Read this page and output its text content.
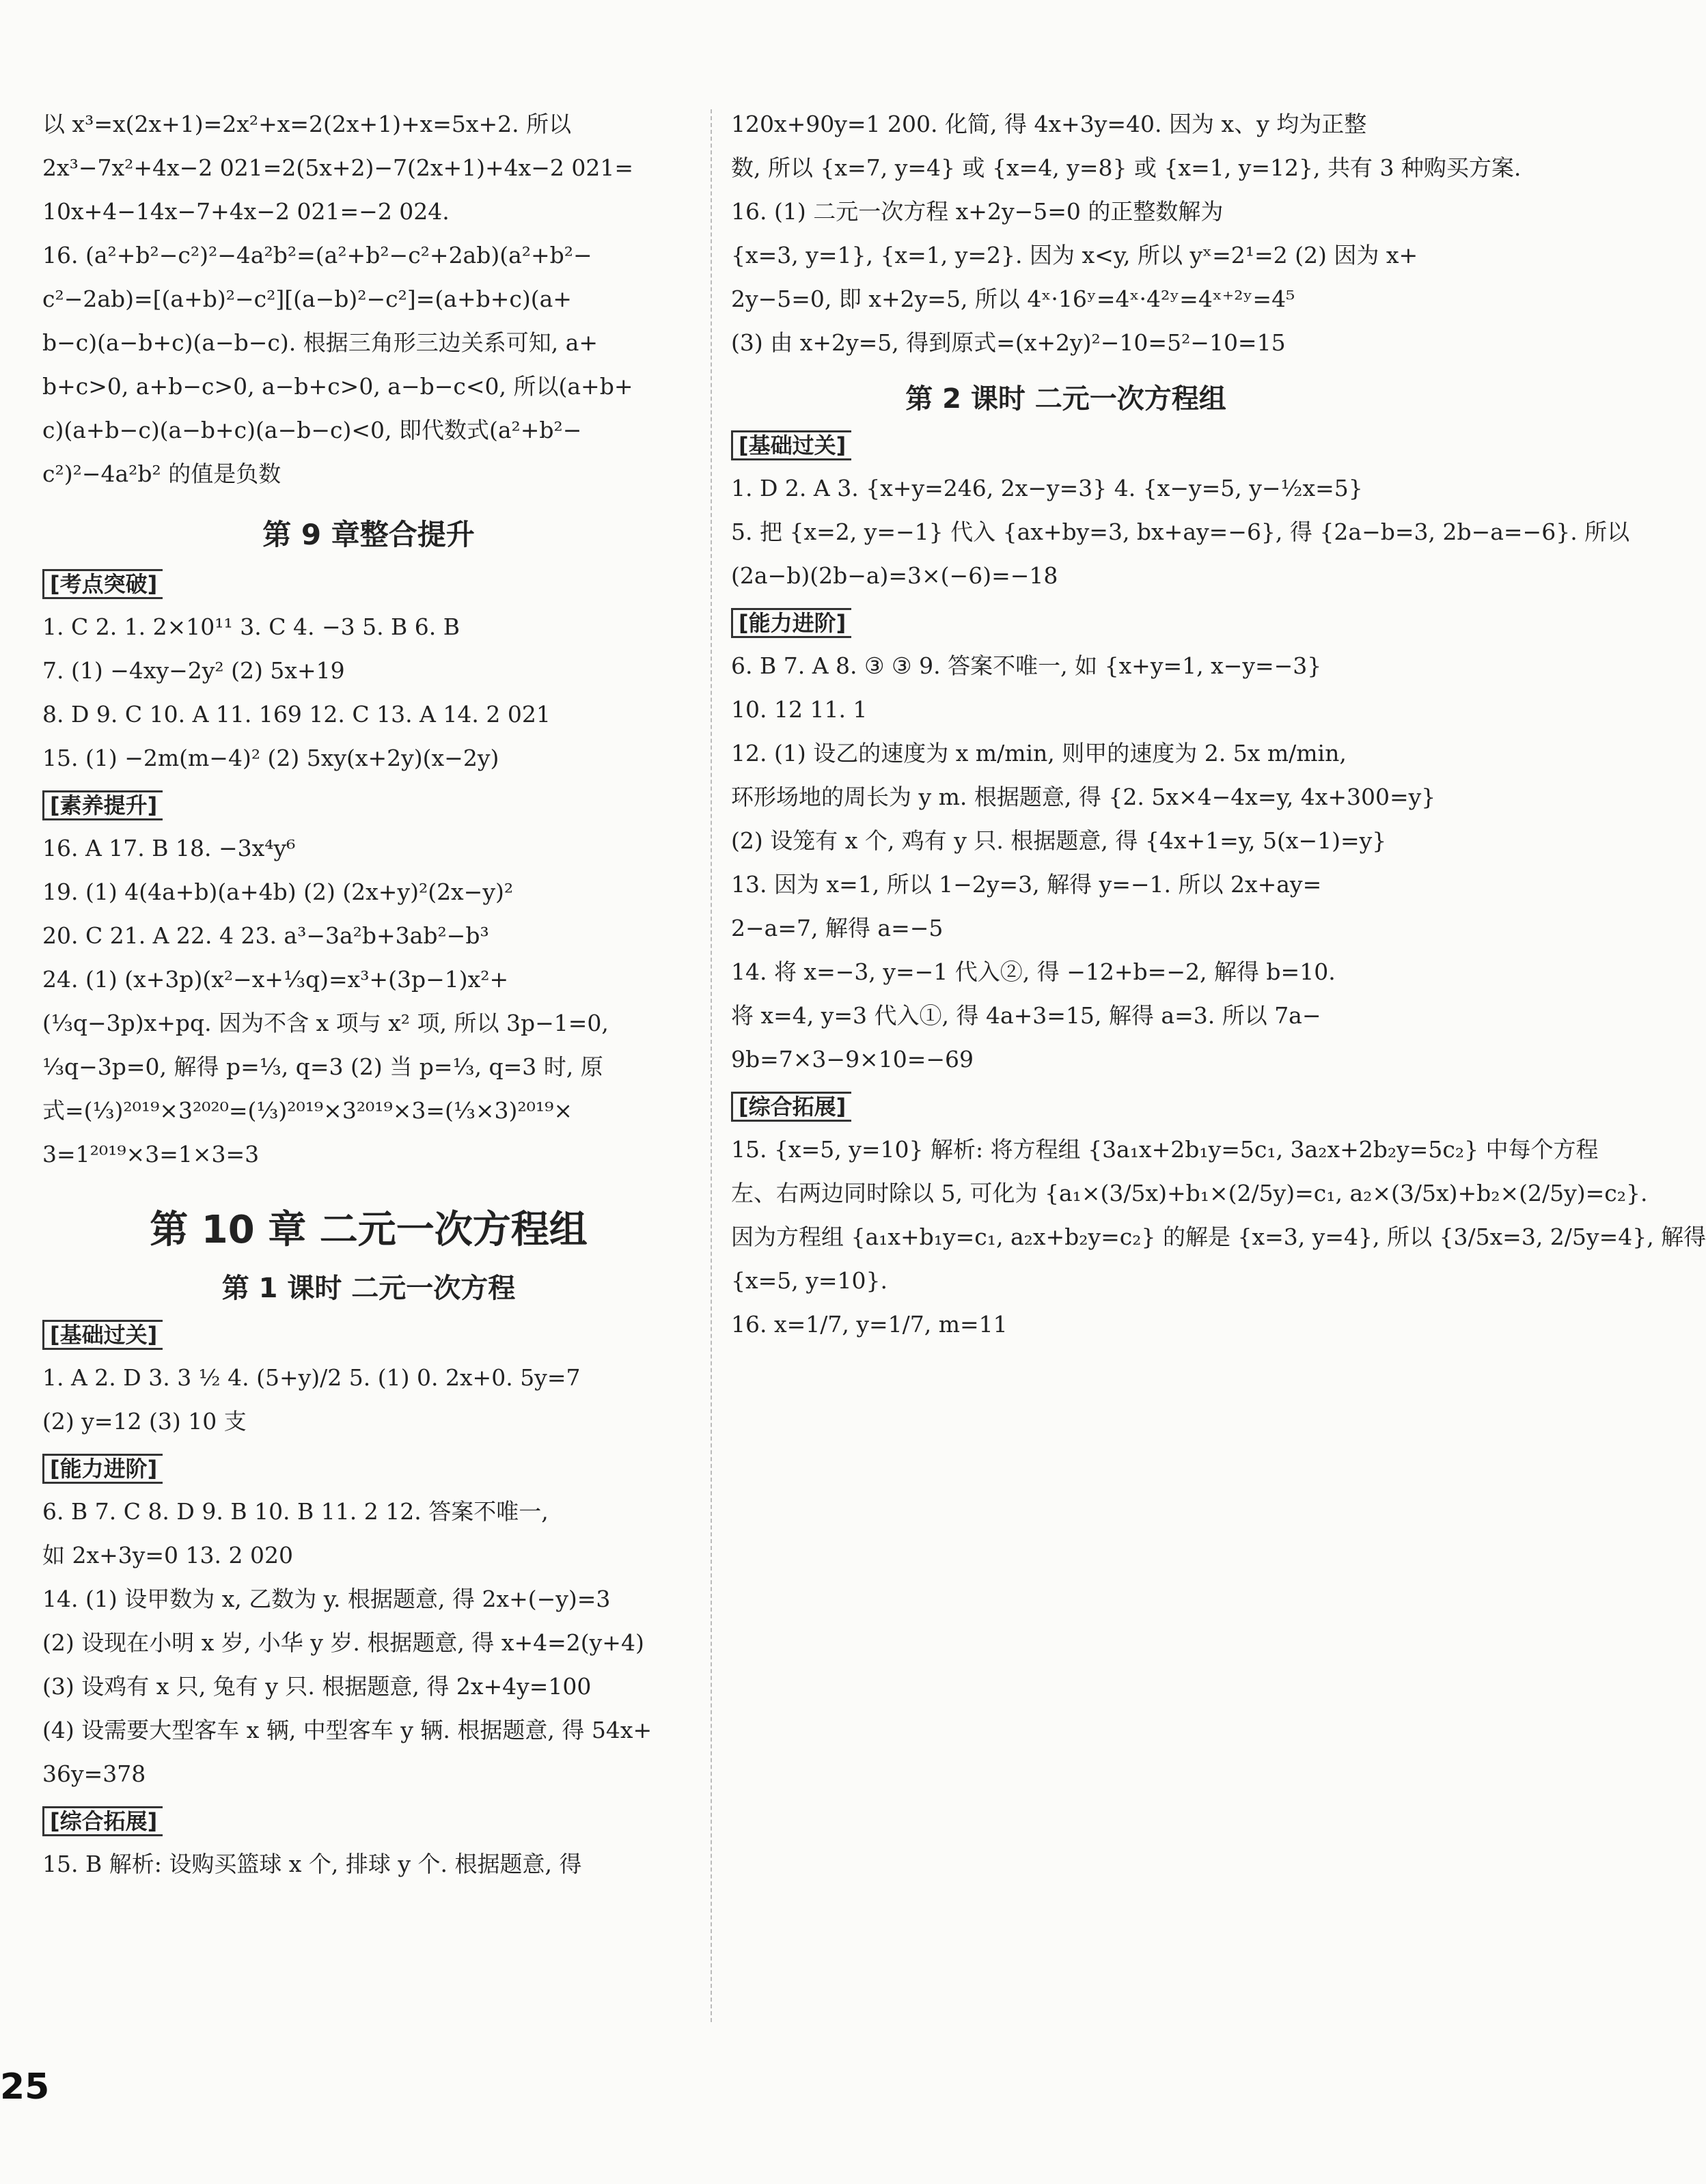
以 x³=x(2x+1)=2x²+x=2(2x+1)+x=5x+2. 所以
2x³−7x²+4x−2 021=2(5x+2)−7(2x+1)+4x−2 021=
10x+4−14x−7+4x−2 021=−2 024.
16. (a²+b²−c²)²−4a²b²=(a²+b²−c²+2ab)(a²+b²−
c²−2ab)=[(a+b)²−c²][(a−b)²−c²]=(a+b+c)(a+
b−c)(a−b+c)(a−b−c). 根据三角形三边关系可知, a+
b+c>0, a+b−c>0, a−b+c>0, a−b−c<0, 所以(a+b+
c)(a+b−c)(a−b+c)(a−b−c)<0, 即代数式(a²+b²−
c²)²−4a²b² 的值是负数
第 9 章整合提升
[考点突破]
1. C 2. 1. 2×10¹¹ 3. C 4. −3 5. B 6. B
7. (1) −4xy−2y² (2) 5x+19
8. D 9. C 10. A 11. 169 12. C 13. A 14. 2 021
15. (1) −2m(m−4)² (2) 5xy(x+2y)(x−2y)
[素养提升]
16. A 17. B 18. −3x⁴y⁶
19. (1) 4(4a+b)(a+4b) (2) (2x+y)²(2x−y)²
20. C 21. A 22. 4 23. a³−3a²b+3ab²−b³
24. (1) (x+3p)(x²−x+⅓q)=x³+(3p−1)x²+
(⅓q−3p)x+pq. 因为不含 x 项与 x² 项, 所以 3p−1=0,
⅓q−3p=0, 解得 p=⅓, q=3 (2) 当 p=⅓, q=3 时, 原
式=(⅓)²⁰¹⁹×3²⁰²⁰=(⅓)²⁰¹⁹×3²⁰¹⁹×3=(⅓×3)²⁰¹⁹×
3=1²⁰¹⁹×3=1×3=3
第 10 章 二元一次方程组
第 1 课时 二元一次方程
[基础过关]
1. A 2. D 3. 3 ½ 4. (5+y)/2 5. (1) 0. 2x+0. 5y=7
(2) y=12 (3) 10 支
[能力进阶]
6. B 7. C 8. D 9. B 10. B 11. 2 12. 答案不唯一,
如 2x+3y=0 13. 2 020
14. (1) 设甲数为 x, 乙数为 y. 根据题意, 得 2x+(−y)=3
(2) 设现在小明 x 岁, 小华 y 岁. 根据题意, 得 x+4=2(y+4)
(3) 设鸡有 x 只, 兔有 y 只. 根据题意, 得 2x+4y=100
(4) 设需要大型客车 x 辆, 中型客车 y 辆. 根据题意, 得 54x+
36y=378
[综合拓展]
15. B 解析: 设购买篮球 x 个, 排球 y 个. 根据题意, 得
120x+90y=1 200. 化简, 得 4x+3y=40. 因为 x、y 均为正整
数, 所以 {x=7, y=4} 或 {x=4, y=8} 或 {x=1, y=12}, 共有 3 种购买方案.
16. (1) 二元一次方程 x+2y−5=0 的正整数解为
{x=3, y=1}, {x=1, y=2}. 因为 x<y, 所以 yˣ=2¹=2 (2) 因为 x+
2y−5=0, 即 x+2y=5, 所以 4ˣ·16ʸ=4ˣ·4²ʸ=4ˣ⁺²ʸ=4⁵
(3) 由 x+2y=5, 得到原式=(x+2y)²−10=5²−10=15
第 2 课时 二元一次方程组
[基础过关]
1. D 2. A 3. {x+y=246, 2x−y=3} 4. {x−y=5, y−½x=5}
5. 把 {x=2, y=−1} 代入 {ax+by=3, bx+ay=−6}, 得 {2a−b=3, 2b−a=−6}. 所以
(2a−b)(2b−a)=3×(−6)=−18
[能力进阶]
6. B 7. A 8. ③ ③ 9. 答案不唯一, 如 {x+y=1, x−y=−3}
10. 12 11. 1
12. (1) 设乙的速度为 x m/min, 则甲的速度为 2. 5x m/min,
环形场地的周长为 y m. 根据题意, 得 {2. 5x×4−4x=y, 4x+300=y}
(2) 设笼有 x 个, 鸡有 y 只. 根据题意, 得 {4x+1=y, 5(x−1)=y}
13. 因为 x=1, 所以 1−2y=3, 解得 y=−1. 所以 2x+ay=
2−a=7, 解得 a=−5
14. 将 x=−3, y=−1 代入②, 得 −12+b=−2, 解得 b=10.
将 x=4, y=3 代入①, 得 4a+3=15, 解得 a=3. 所以 7a−
9b=7×3−9×10=−69
[综合拓展]
15. {x=5, y=10} 解析: 将方程组 {3a₁x+2b₁y=5c₁, 3a₂x+2b₂y=5c₂} 中每个方程
左、右两边同时除以 5, 可化为 {a₁×(3/5x)+b₁×(2/5y)=c₁, a₂×(3/5x)+b₂×(2/5y)=c₂}.
因为方程组 {a₁x+b₁y=c₁, a₂x+b₂y=c₂} 的解是 {x=3, y=4}, 所以 {3/5x=3, 2/5y=4}, 解得
{x=5, y=10}.
16. x=1/7, y=1/7, m=11
25
